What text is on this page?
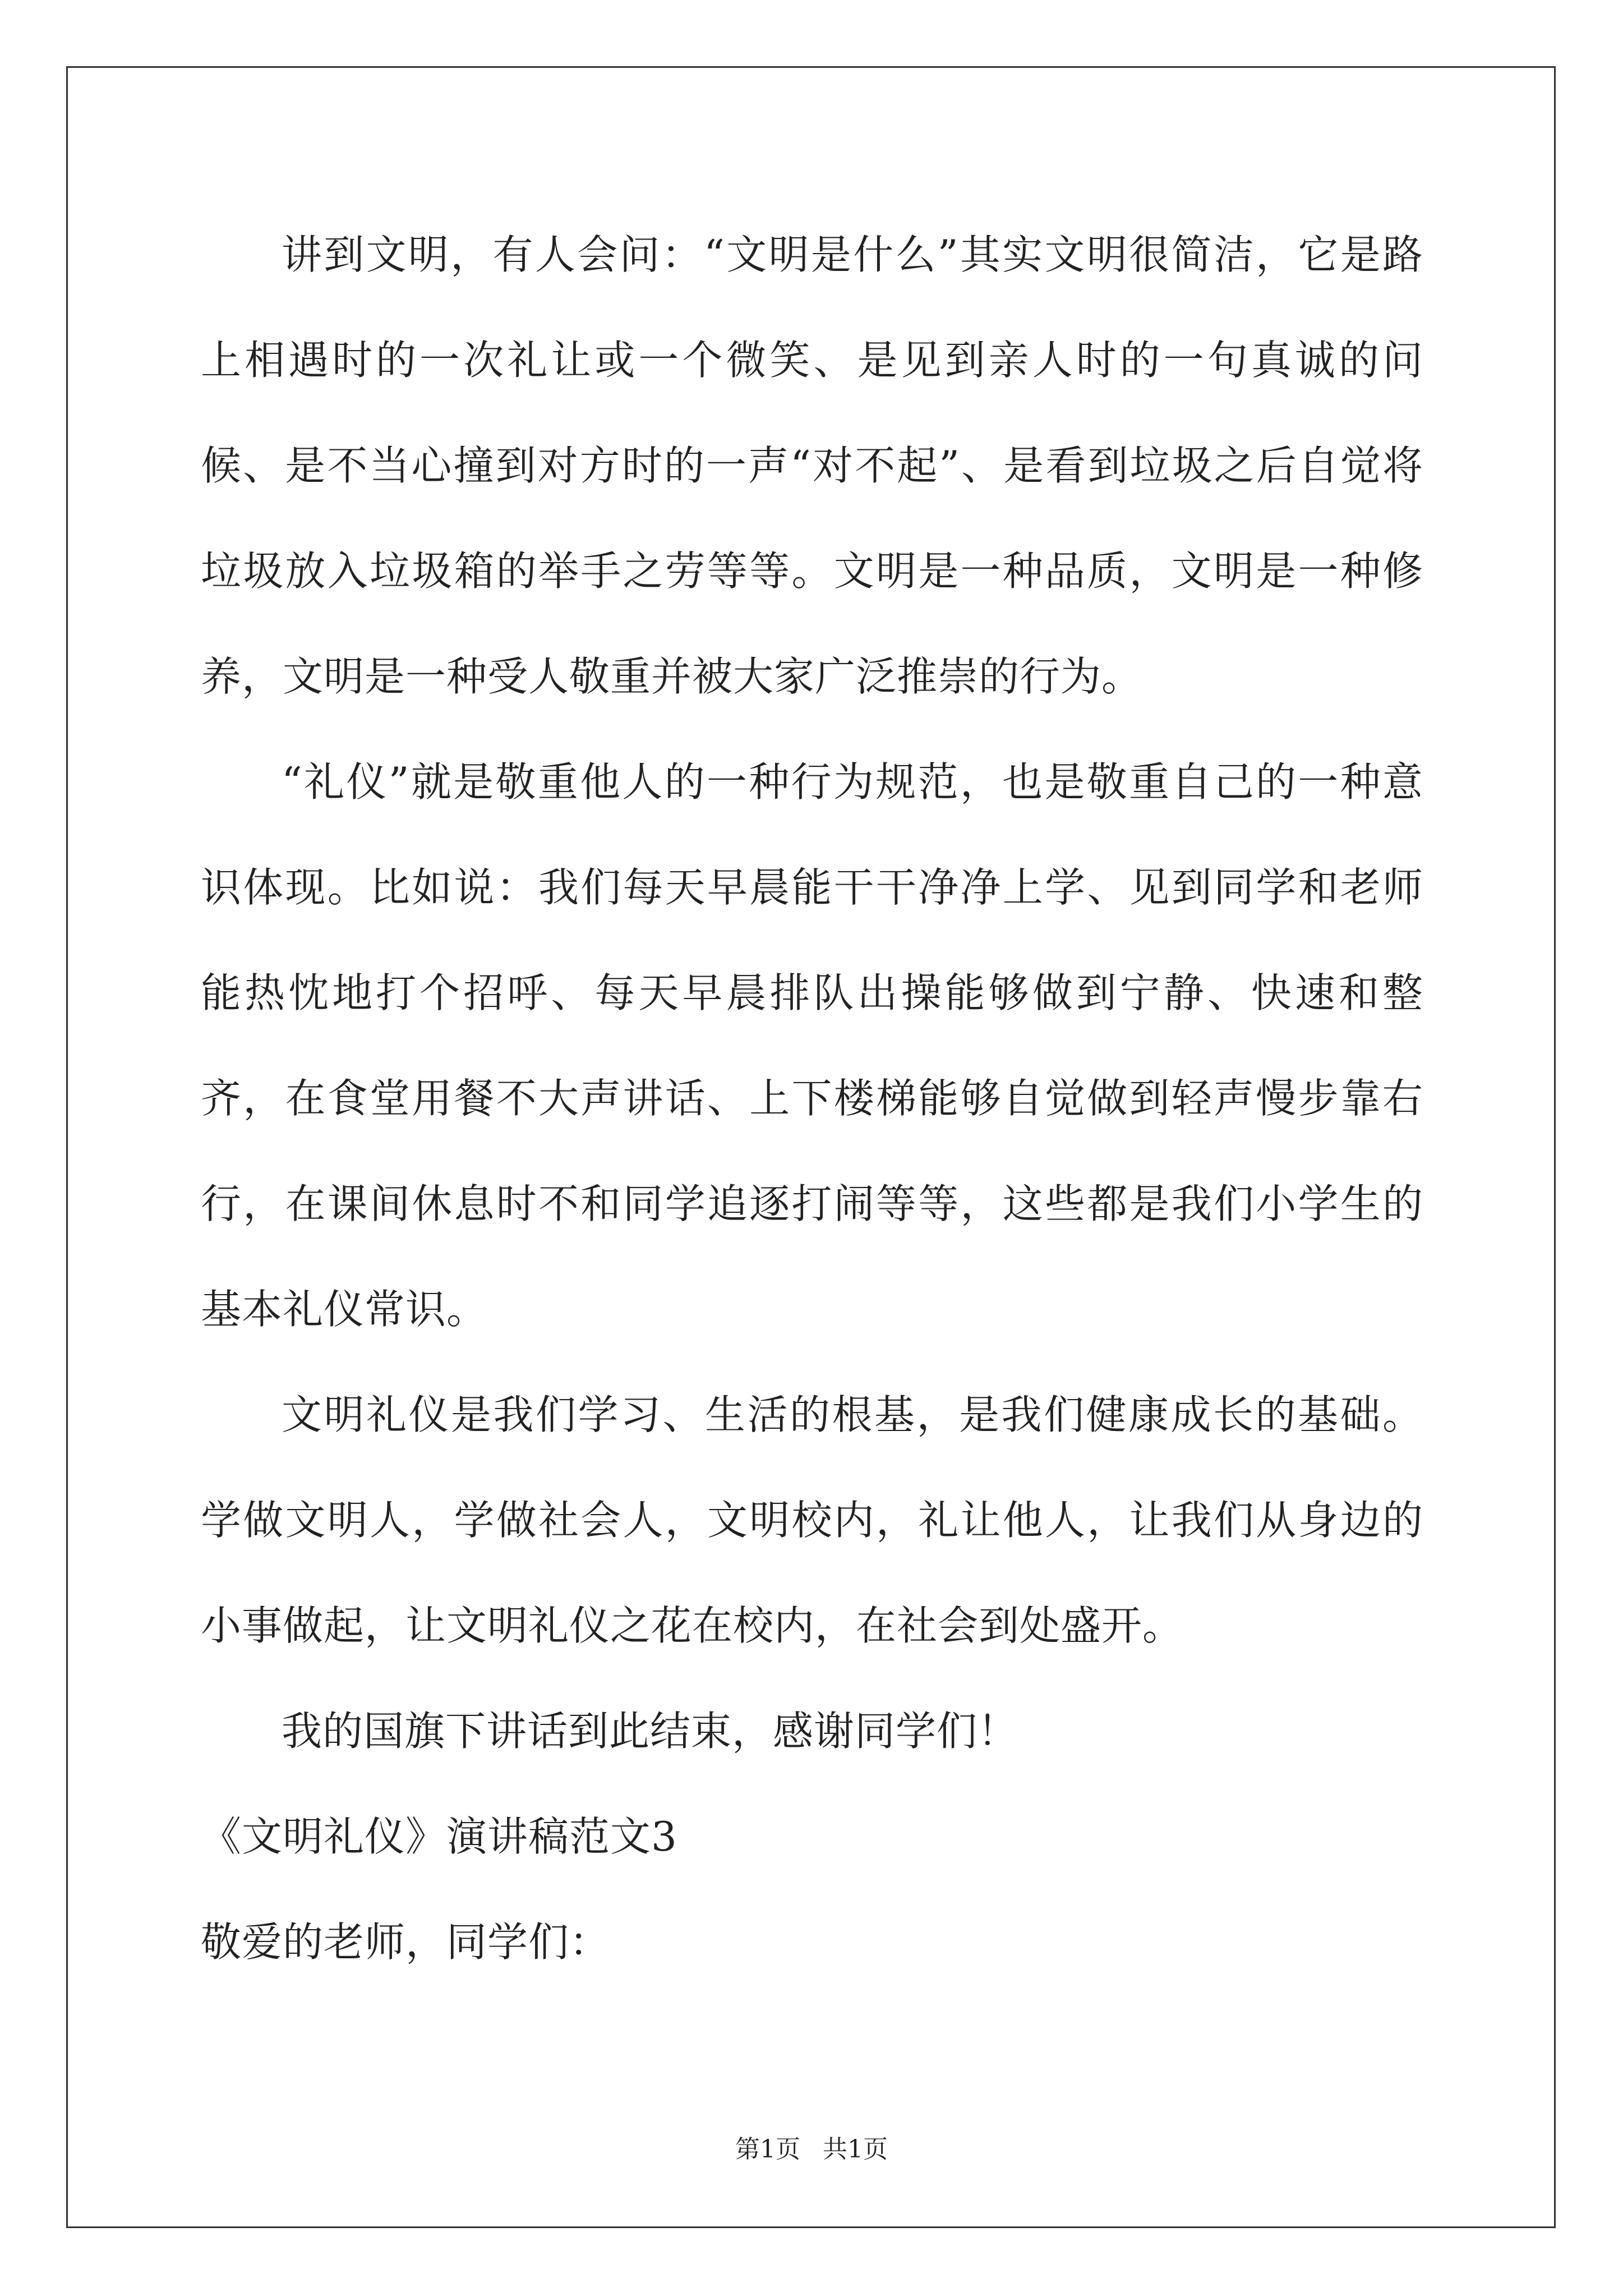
讲到文明，有人会问：“文明是什么”其实文明很简洁，它是路上相遇时的一次礼让或一个微笑、是见到亲人时的一句真诚的问候、是不当心撞到对方时的一声“对不起”、是看到垃圾之后自觉将垃圾放入垃圾箱的举手之劳等等。文明是一种品质，文明是一种修养，文明是一种受人敬重并被大家广泛推崇的行为。

“礼仪”就是敬重他人的一种行为规范，也是敬重自己的一种意识体现。比如说：我们每天早晨能干干净净上学、见到同学和老师能热忱地打个招呼、每天早晨排队出操能够做到宁静、快速和整齐，在食堂用餐不大声讲话、上下楼梯能够自觉做到轻声慢步靠右行，在课间休息时不和同学追逐打闹等等，这些都是我们小学生的基本礼仪常识。

文明礼仪是我们学习、生活的根基，是我们健康成长的基础。学做文明人，学做社会人，文明校内，礼让他人，让我们从身边的小事做起，让文明礼仪之花在校内，在社会到处盛开。

我的国旗下讲话到此结束，感谢同学们！

《文明礼仪》演讲稿范文3

敬爱的老师，同学们：

第1页 共1页
